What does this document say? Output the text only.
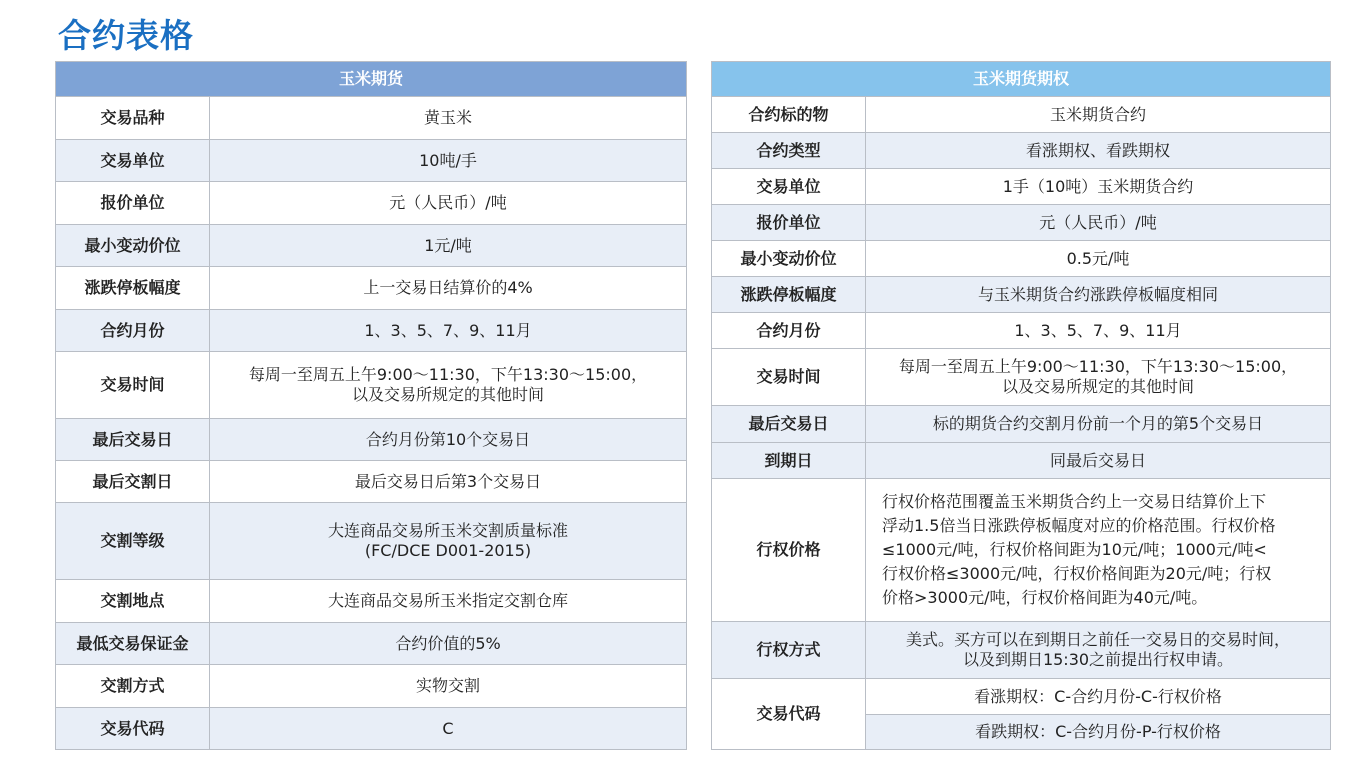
合约表格
玉米期货	
交易品种	黄玉米
交易单位	10吨/手
报价单位	元（人民币）/吨
最小变动价位	1元/吨
涨跌停板幅度	上一交易日结算价的4%
合约月份	1、3、5、7、9、11月
交易时间	每周一至周五上午9:00～11:30，下午13:30～15:00，
以及交易所规定的其他时间

最后交易日	合约月份第10个交易日
最后交割日	最后交易日后第3个交易日
交割等级	大连商品交易所玉米交割质量标准
(FC/DCE D001-2015)

交割地点	大连商品交易所玉米指定交割仓库
最低交易保证金	合约价值的5%
交割方式	实物交割
交易代码	C
玉米期货期权	
合约标的物	玉米期货合约
合约类型	看涨期权、看跌期权
交易单位	1手（10吨）玉米期货合约
报价单位	元（人民币）/吨
最小变动价位	0.5元/吨
涨跌停板幅度	与玉米期货合约涨跌停板幅度相同
合约月份	1、3、5、7、9、11月
交易时间	每周一至周五上午9:00～11:30，下午13:30～15:00，
以及交易所规定的其他时间

最后交易日	标的期货合约交割月份前一个月的第5个交易日
到期日	同最后交易日
行权价格	行权价格范围覆盖玉米期货合约上一交易日结算价上下
浮动1.5倍当日涨跌停板幅度对应的价格范围。行权价格
≤1000元/吨，行权价格间距为10元/吨；1000元/吨<
行权价格≤3000元/吨，行权价格间距为20元/吨；行权
价格>3000元/吨，行权价格间距为40元/吨。

行权方式	美式。买方可以在到期日之前任一交易日的交易时间，
以及到期日15:30之前提出行权申请。

交易代码	看涨期权：C-合约月份-C-行权价格
	看跌期权：C-合约月份-P-行权价格
